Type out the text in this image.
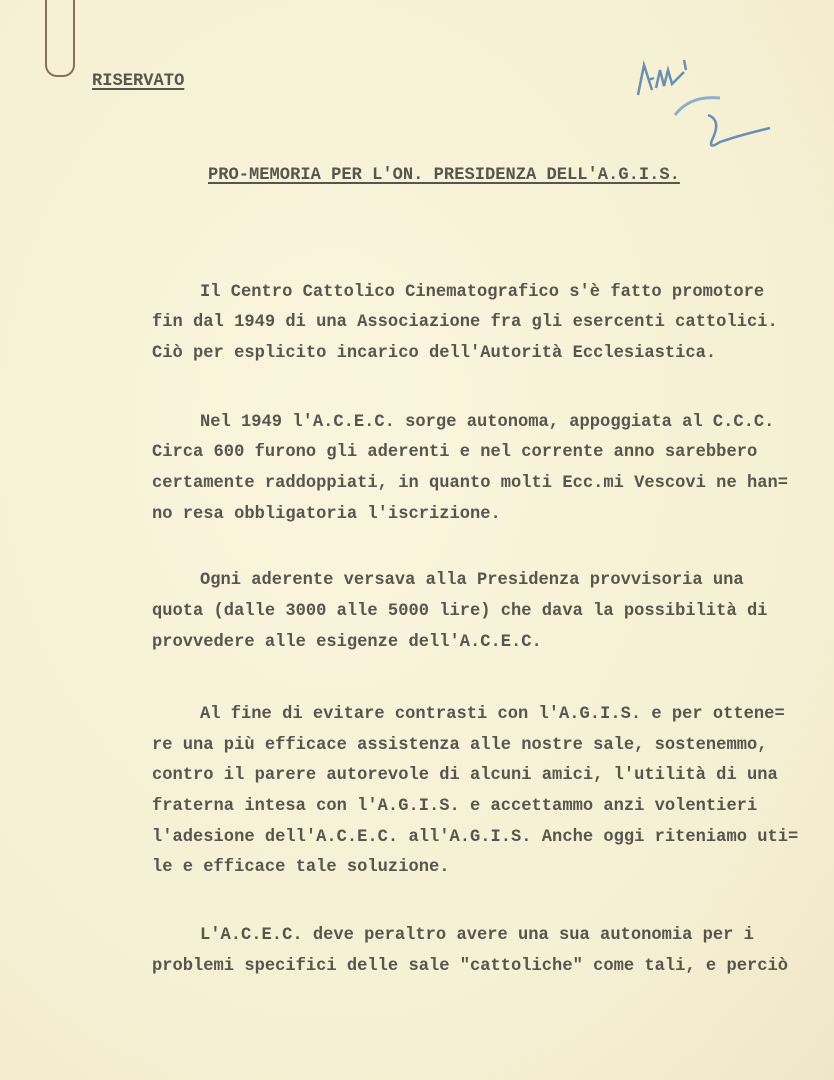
RISERVATO
PRO-MEMORIA PER L'ON. PRESIDENZA DELL'A.G.I.S.
Il Centro Cattolico Cinematografico s'è fatto promotore
fin dal 1949 di una Associazione fra gli esercenti cattolici.
Ciò per esplicito incarico dell'Autorità Ecclesiastica.
Nel 1949 l'A.C.E.C. sorge autonoma, appoggiata al C.C.C.
Circa 600 furono gli aderenti e nel corrente anno sarebbero
certamente raddoppiati, in quanto molti Ecc.mi Vescovi ne han=
no resa obbligatoria l'iscrizione.
Ogni aderente versava alla Presidenza provvisoria una
quota (dalle 3000 alle 5000 lire) che dava la possibilità di
provvedere alle esigenze dell'A.C.E.C.
Al fine di evitare contrasti con l'A.G.I.S. e per ottene=
re una più efficace assistenza alle nostre sale, sostenemmo,
contro il parere autorevole di alcuni amici, l'utilità di una
fraterna intesa con l'A.G.I.S. e accettammo anzi volentieri
l'adesione dell'A.C.E.C. all'A.G.I.S. Anche oggi riteniamo uti=
le e efficace tale soluzione.
L'A.C.E.C. deve peraltro avere una sua autonomia per i
problemi specifici delle sale "cattoliche" come tali, e perciò
